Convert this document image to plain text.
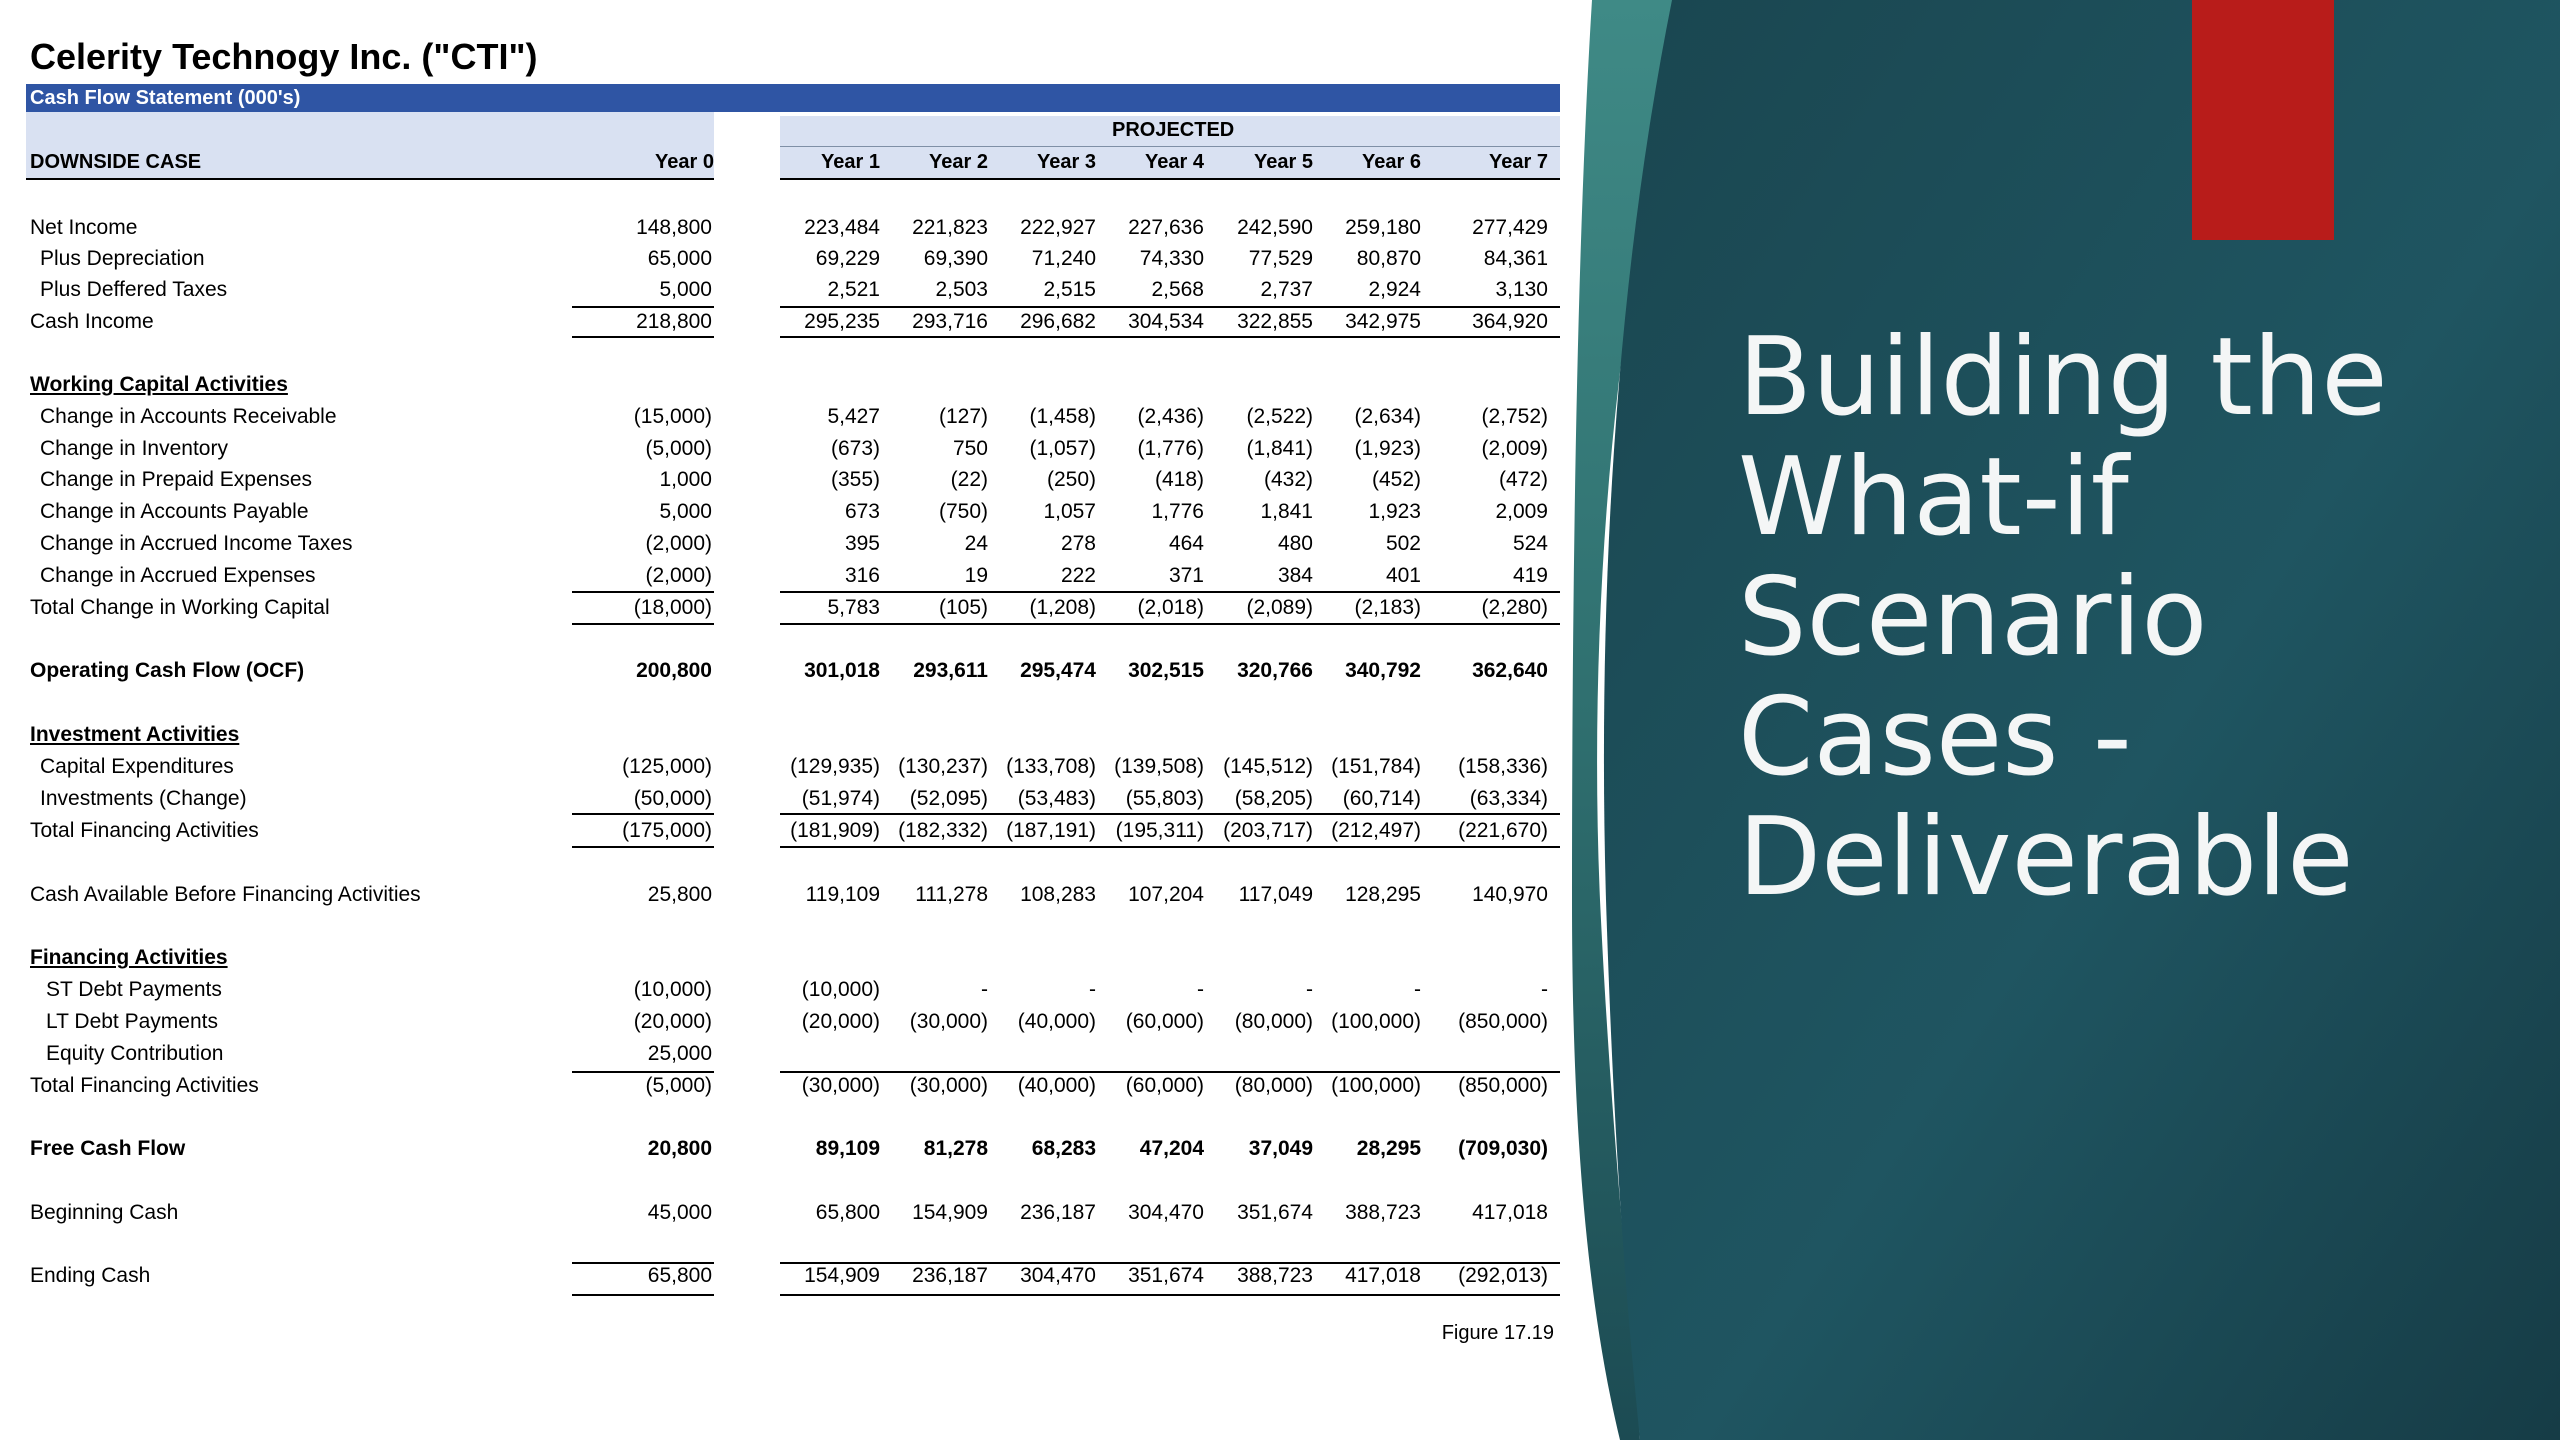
Building the
What-if
Scenario
Cases -
Deliverable
Celerity Technogy Inc. ("CTI")
Cash Flow Statement (000's)
PROJECTED
DOWNSIDE CASE	Year 0	Year 1 Year 2 Year 3 Year 4	Year 5 Year 6	Year 7
Net Income	148,800	223,484 221,823 222,927 227,636 242,590 259,180 277,429
Plus Depreciation	65,000	69,229 69,390 71,240 74,330 77,529 80,870	84,361
Plus Deffered Taxes	5,000	2,521	2,503	2,515	2,568	2,737	2,924	3,130
Cash Income	218,800	295,235 293,716 296,682 304,534 322,855 342,975 364,920
Working Capital Activities
Change in Accounts Receivable	(15,000)	5,427	(127) (1,458) (2,436) (2,522) (2,634)	(2,752)
Change in Inventory	(5,000)	(673)	750 (1,057) (1,776) (1,841) (1,923)	(2,009)
Change in Prepaid Expenses	1,000	(355)	(22)	(250)	(418)	(432)	(452)	(472)
Change in Accounts Payable	5,000	673	(750)	1,057	1,776	1,841	1,923	2,009
Change in Accrued Income Taxes	(2,000)	395	24	278	464	480	502	524
Change in Accrued Expenses	(2,000)	316	19	222	371	384	401	419
Total Change in Working Capital	(18,000)	5,783	(105) (1,208) (2,018) (2,089) (2,183)	(2,280)
Operating Cash Flow (OCF)	200,800	301,018 293,611 295,474 302,515 320,766 340,792 362,640
Investment Activities
Capital Expenditures	(125,000)	(129,935) (130,237) (133,708) (139,508) (145,512) (151,784) (158,336)
Investments (Change)	(50,000)	(51,974) (52,095) (53,483) (55,803) (58,205) (60,714) (63,334)
Total Financing Activities	(175,000)	(181,909) (182,332) (187,191) (195,311) (203,717) (212,497) (221,670)
Cash Available Before Financing Activities	25,800	119,109 111,278 108,283 107,204 117,049 128,295 140,970
Financing Activities
ST Debt Payments	(10,000)	(10,000)	-	-	-	-	-	-
LT Debt Payments	(20,000)	(20,000) (30,000) (40,000) (60,000) (80,000) (100,000) (850,000)
Equity Contribution	25,000
Total Financing Activities	(5,000)	(30,000) (30,000) (40,000) (60,000) (80,000) (100,000) (850,000)
Free Cash Flow	20,800	89,109 81,278 68,283 47,204 37,049 28,295 (709,030)
Beginning Cash	45,000	65,800 154,909 236,187 304,470 351,674 388,723 417,018
Ending Cash	65,800	154,909 236,187 304,470 351,674 388,723 417,018 (292,013)
Figure 17.19
